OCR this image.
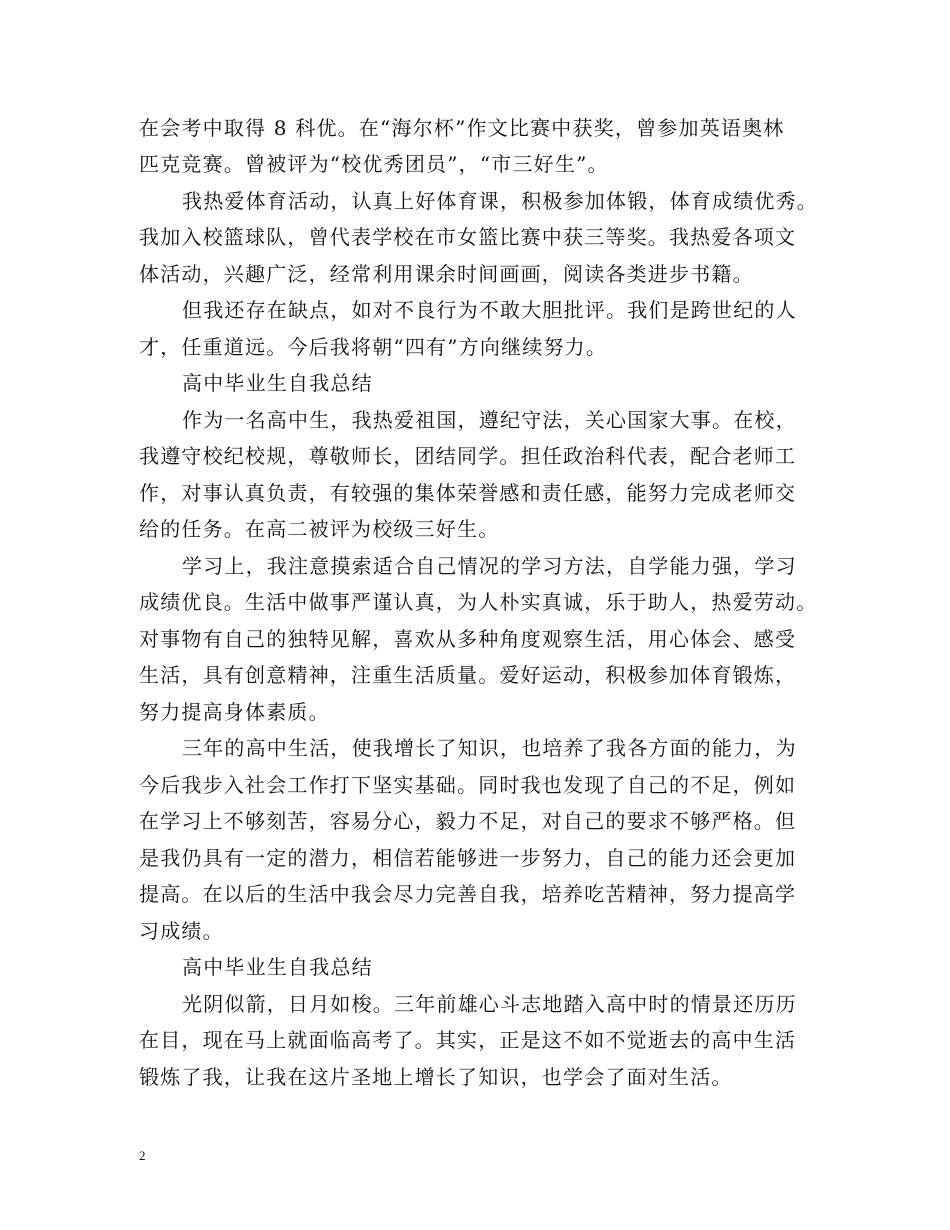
在会考中取得 8 科优。在“海尔杯”作文比赛中获奖，曾参加英语奥林
匹克竞赛。曾被评为“校优秀团员”，“市三好生”。
我热爱体育活动，认真上好体育课，积极参加体锻，体育成绩优秀。
我加入校篮球队，曾代表学校在市女篮比赛中获三等奖。我热爱各项文
体活动，兴趣广泛，经常利用课余时间画画，阅读各类进步书籍。
但我还存在缺点，如对不良行为不敢大胆批评。我们是跨世纪的人
才，任重道远。今后我将朝“四有”方向继续努力。
高中毕业生自我总结
作为一名高中生，我热爱祖国，遵纪守法，关心国家大事。在校，
我遵守校纪校规，尊敬师长，团结同学。担任政治科代表，配合老师工
作，对事认真负责，有较强的集体荣誉感和责任感，能努力完成老师交
给的任务。在高二被评为校级三好生。
学习上，我注意摸索适合自己情况的学习方法，自学能力强，学习
成绩优良。生活中做事严谨认真，为人朴实真诚，乐于助人，热爱劳动。
对事物有自己的独特见解，喜欢从多种角度观察生活，用心体会、感受
生活，具有创意精神，注重生活质量。爱好运动，积极参加体育锻炼，
努力提高身体素质。
三年的高中生活，使我增长了知识，也培养了我各方面的能力，为
今后我步入社会工作打下坚实基础。同时我也发现了自己的不足，例如
在学习上不够刻苦，容易分心，毅力不足，对自己的要求不够严格。但
是我仍具有一定的潜力，相信若能够进一步努力，自己的能力还会更加
提高。在以后的生活中我会尽力完善自我，培养吃苦精神，努力提高学
习成绩。
高中毕业生自我总结
光阴似箭，日月如梭。三年前雄心斗志地踏入高中时的情景还历历
在目，现在马上就面临高考了。其实，正是这不如不觉逝去的高中生活
锻炼了我，让我在这片圣地上增长了知识，也学会了面对生活。
2
